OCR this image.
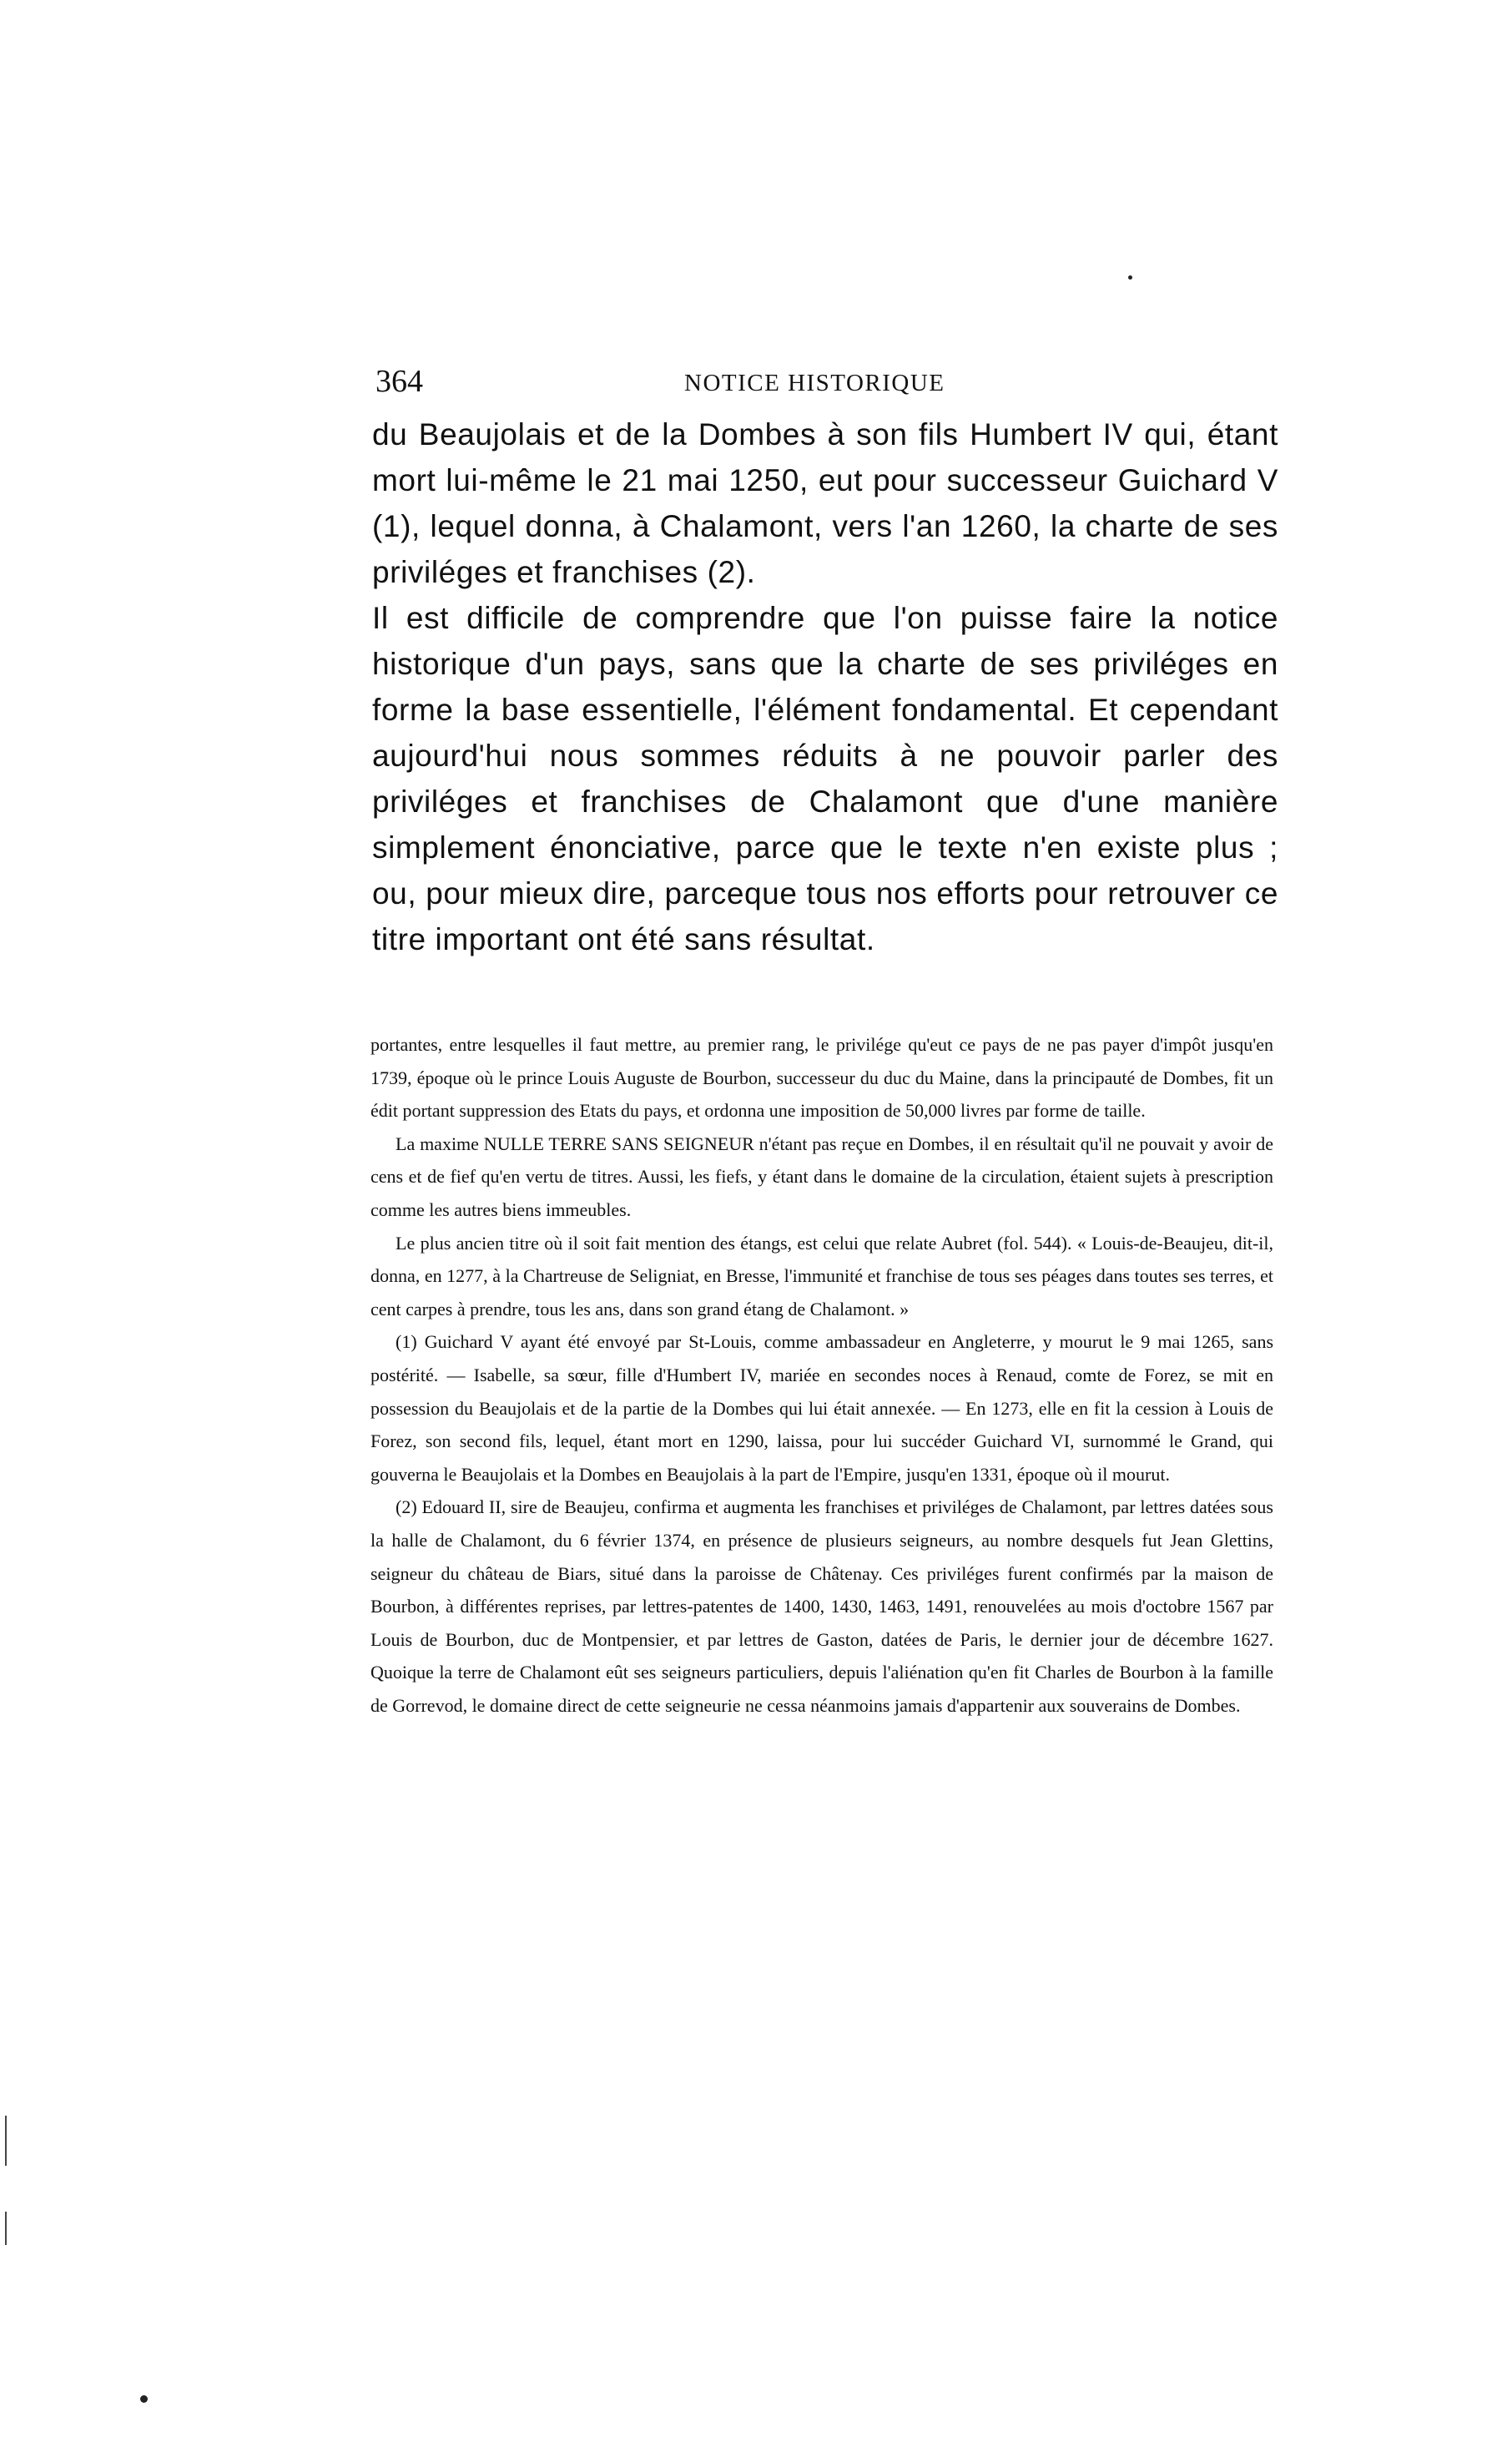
364	NOTICE HISTORIQUE

du Beaujolais et de la Dombes à son fils Humbert IV qui, étant mort lui-même le 21 mai 1250, eut pour successeur Guichard V (1), lequel donna, à Chalamont, vers l'an 1260, la charte de ses priviléges et franchises (2).

Il est difficile de comprendre que l'on puisse faire la notice historique d'un pays, sans que la charte de ses priviléges en forme la base essentielle, l'élément fondamental. Et cependant aujourd'hui nous sommes réduits à ne pouvoir parler des priviléges et franchises de Chalamont que d'une manière simplement énonciative, parce que le texte n'en existe plus ; ou, pour mieux dire, parceque tous nos efforts pour retrouver ce titre important ont été sans résultat.

portantes, entre lesquelles il faut mettre, au premier rang, le privilége qu'eut ce pays de ne pas payer d'impôt jusqu'en 1739, époque où le prince Louis Auguste de Bourbon, successeur du duc du Maine, dans la principauté de Dombes, fit un édit portant suppression des Etats du pays, et ordonna une imposition de 50,000 livres par forme de taille.

La maxime NULLE TERRE SANS SEIGNEUR n'étant pas reçue en Dombes, il en résultait qu'il ne pouvait y avoir de cens et de fief qu'en vertu de titres. Aussi, les fiefs, y étant dans le domaine de la circulation, étaient sujets à prescription comme les autres biens immeubles.

Le plus ancien titre où il soit fait mention des étangs, est celui que relate Aubret (fol. 544). « Louis-de-Beaujeu, dit-il, donna, en 1277, à la Chartreuse de Seligniat, en Bresse, l'immunité et franchise de tous ses péages dans toutes ses terres, et cent carpes à prendre, tous les ans, dans son grand étang de Chalamont. »

(1) Guichard V ayant été envoyé par St-Louis, comme ambassadeur en Angleterre, y mourut le 9 mai 1265, sans postérité. — Isabelle, sa sœur, fille d'Humbert IV, mariée en secondes noces à Renaud, comte de Forez, se mit en possession du Beaujolais et de la partie de la Dombes qui lui était annexée. — En 1273, elle en fit la cession à Louis de Forez, son second fils, lequel, étant mort en 1290, laissa, pour lui succéder Guichard VI, surnommé le Grand, qui gouverna le Beaujolais et la Dombes en Beaujolais à la part de l'Empire, jusqu'en 1331, époque où il mourut.

(2) Edouard II, sire de Beaujeu, confirma et augmenta les franchises et priviléges de Chalamont, par lettres datées sous la halle de Chalamont, du 6 février 1374, en présence de plusieurs seigneurs, au nombre desquels fut Jean Glettins, seigneur du château de Biars, situé dans la paroisse de Châtenay. Ces priviléges furent confirmés par la maison de Bourbon, à différentes reprises, par lettres-patentes de 1400, 1430, 1463, 1491, renouvelées au mois d'octobre 1567 par Louis de Bourbon, duc de Montpensier, et par lettres de Gaston, datées de Paris, le dernier jour de décembre 1627. Quoique la terre de Chalamont eût ses seigneurs particuliers, depuis l'aliénation qu'en fit Charles de Bourbon à la famille de Gorrevod, le domaine direct de cette seigneurie ne cessa néanmoins jamais d'appartenir aux souverains de Dombes.
